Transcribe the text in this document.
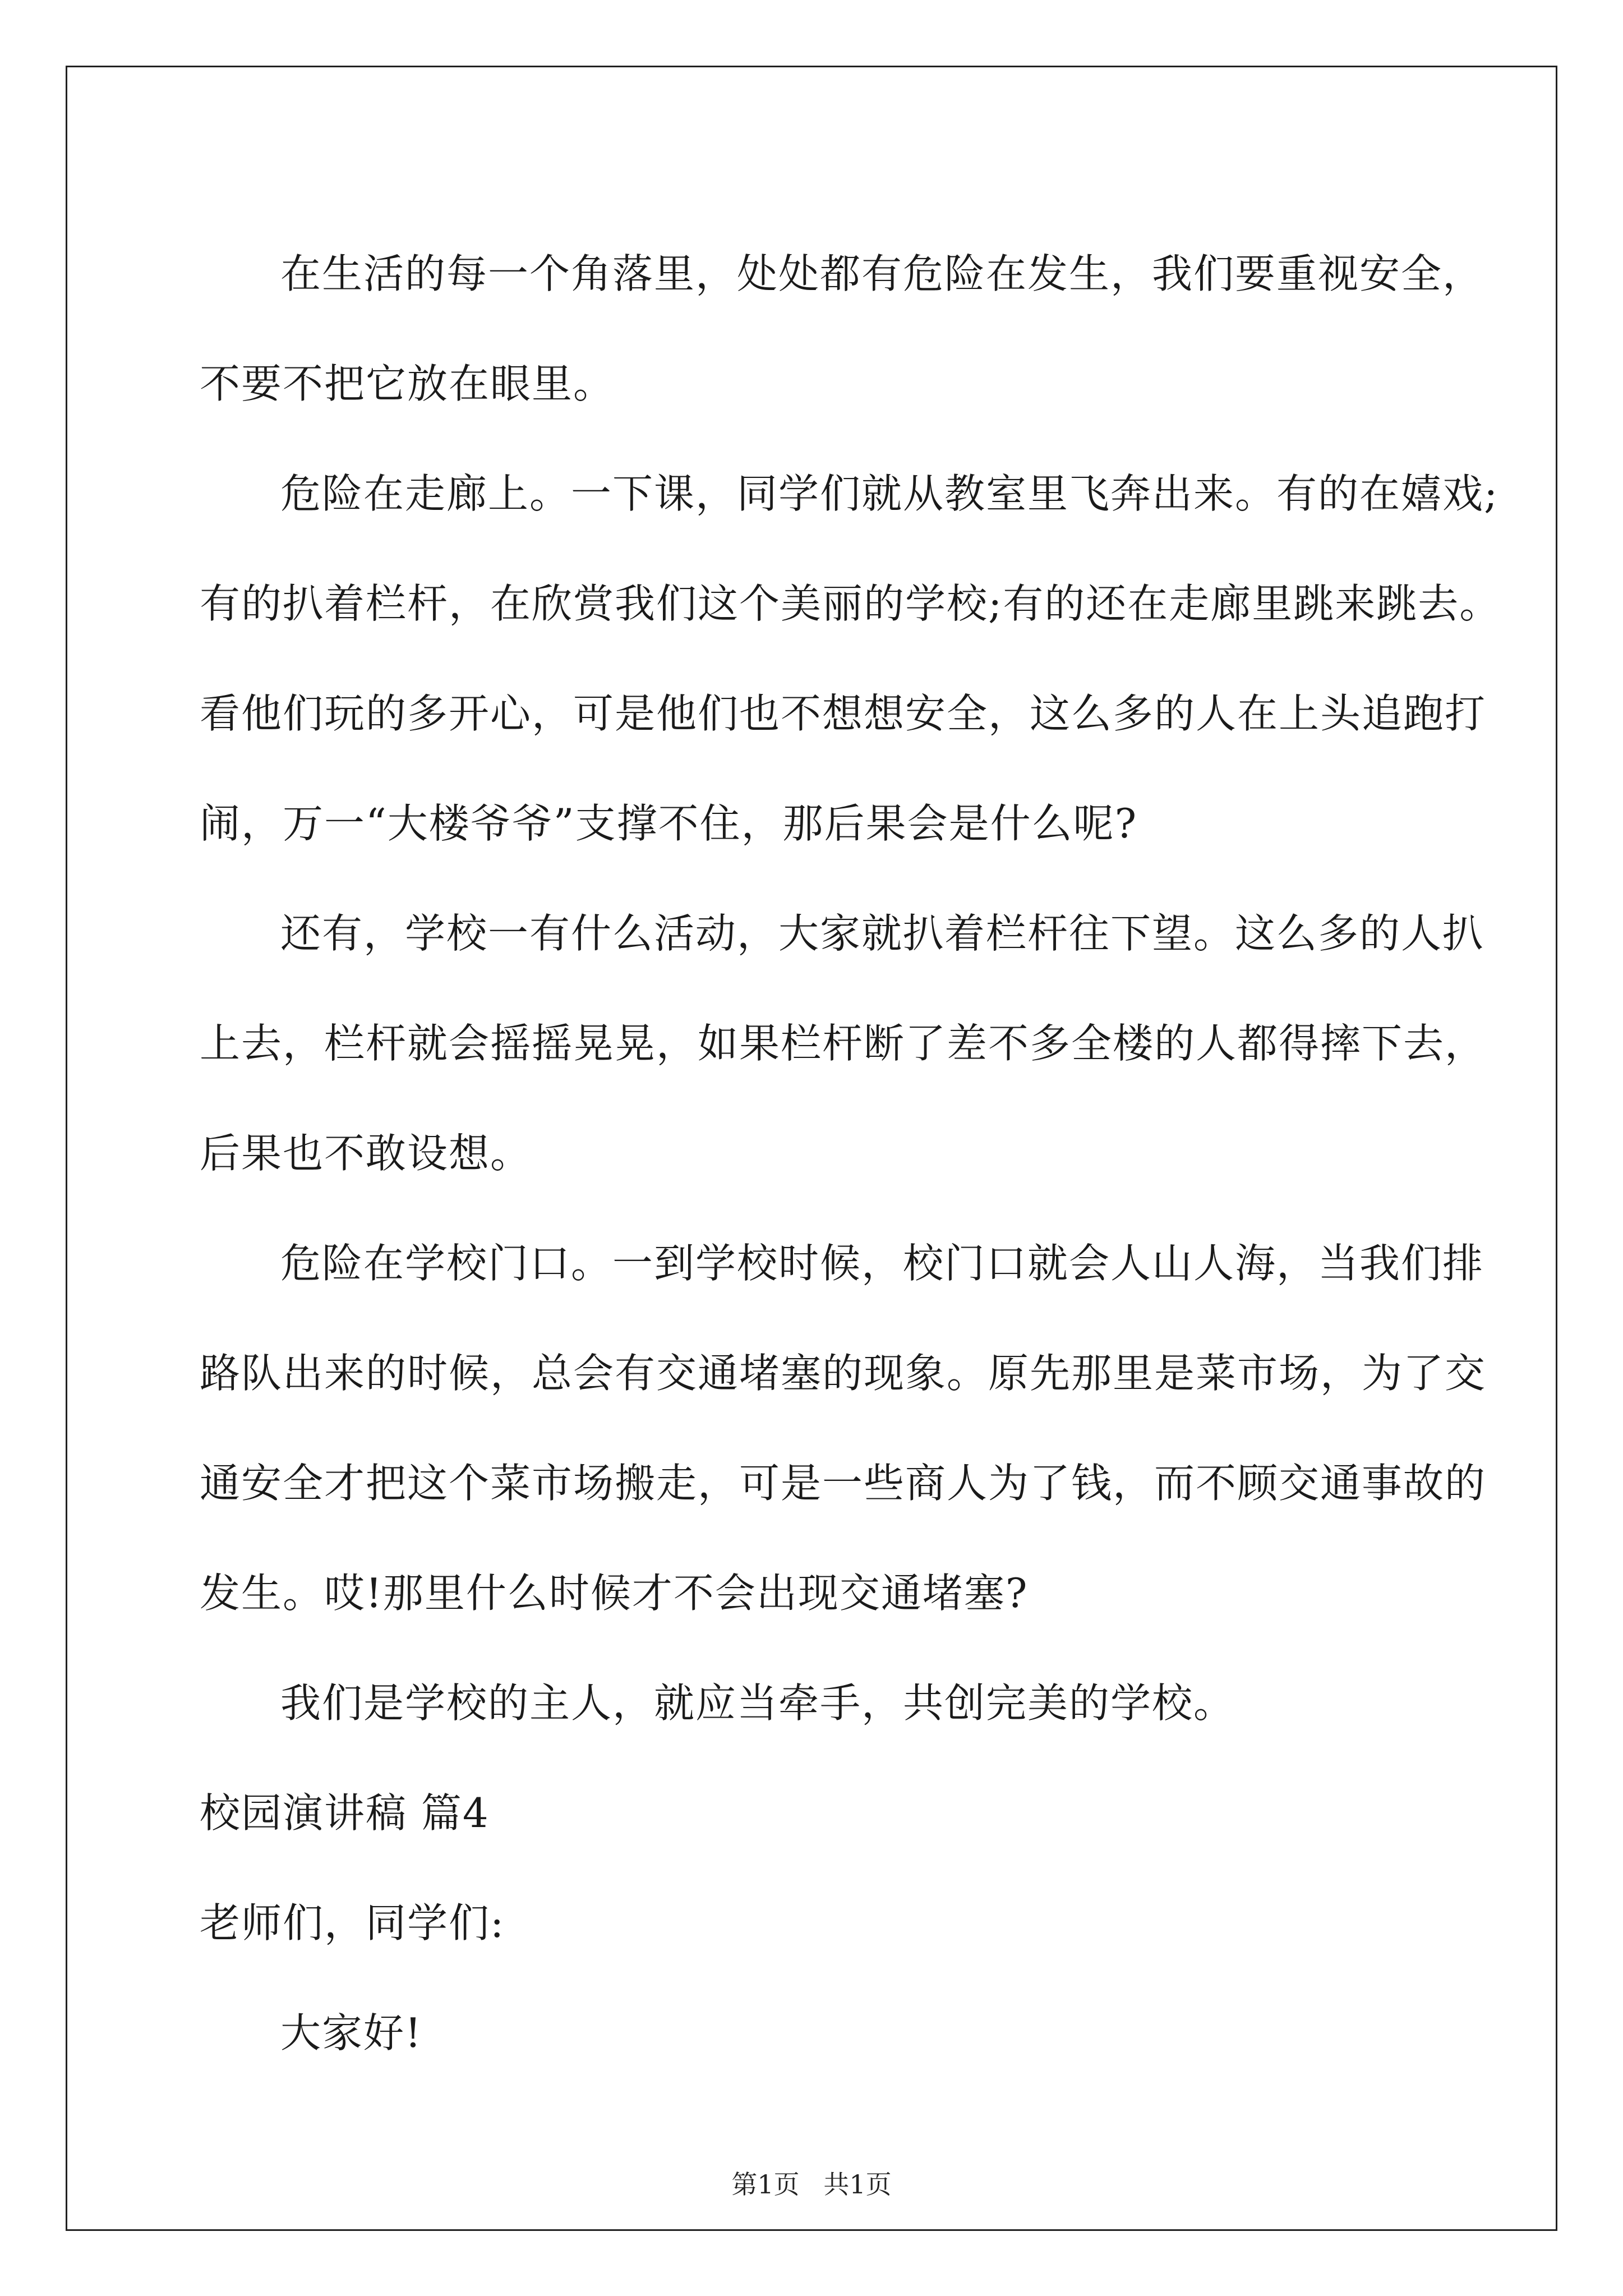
在生活的每一个角落里，处处都有危险在发生，我们要重视安全，不要不把它放在眼里。

危险在走廊上。一下课，同学们就从教室里飞奔出来。有的在嬉戏;有的扒着栏杆，在欣赏我们这个美丽的学校;有的还在走廊里跳来跳去。看他们玩的多开心，可是他们也不想想安全，这么多的人在上头追跑打闹，万一“大楼爷爷”支撑不住，那后果会是什么呢?

还有，学校一有什么活动，大家就扒着栏杆往下望。这么多的人扒上去，栏杆就会摇摇晃晃，如果栏杆断了差不多全楼的人都得摔下去，后果也不敢设想。

危险在学校门口。一到学校时候，校门口就会人山人海，当我们排路队出来的时候，总会有交通堵塞的现象。原先那里是菜市场，为了交通安全才把这个菜市场搬走，可是一些商人为了钱，而不顾交通事故的发生。哎!那里什么时候才不会出现交通堵塞?

我们是学校的主人，就应当牵手，共创完美的学校。

校园演讲稿 篇4

老师们，同学们:

大家好!

第1页 共1页
